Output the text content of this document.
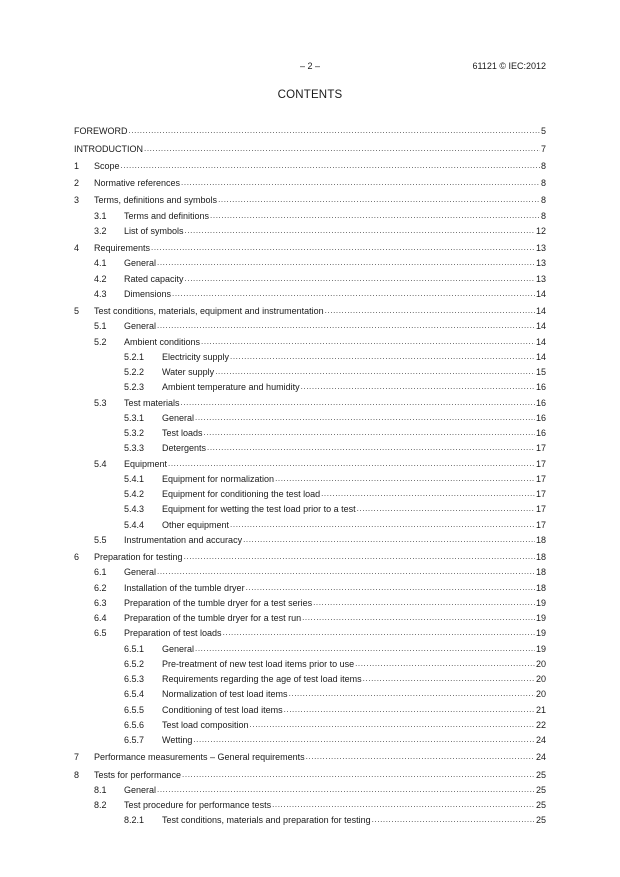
– 2 –	61121 © IEC:2012
CONTENTS
FOREWORD .....	5
INTRODUCTION .....	7
1	Scope .....	8
2	Normative references .....	8
3	Terms, definitions and symbols .....	8
3.1	Terms and definitions .....	8
3.2	List of symbols .....	12
4	Requirements .....	13
4.1	General .....	13
4.2	Rated capacity .....	13
4.3	Dimensions .....	14
5	Test conditions, materials, equipment and instrumentation .....	14
5.1	General .....	14
5.2	Ambient conditions .....	14
5.2.1	Electricity supply .....	14
5.2.2	Water supply .....	15
5.2.3	Ambient temperature and humidity .....	16
5.3	Test materials .....	16
5.3.1	General .....	16
5.3.2	Test loads .....	16
5.3.3	Detergents .....	17
5.4	Equipment .....	17
5.4.1	Equipment for normalization .....	17
5.4.2	Equipment for conditioning the test load .....	17
5.4.3	Equipment for wetting the test load prior to a test .....	17
5.4.4	Other equipment .....	17
5.5	Instrumentation and accuracy .....	18
6	Preparation for testing .....	18
6.1	General .....	18
6.2	Installation of the tumble dryer .....	18
6.3	Preparation of the tumble dryer for a test series .....	19
6.4	Preparation of the tumble dryer for a test run .....	19
6.5	Preparation of test loads .....	19
6.5.1	General .....	19
6.5.2	Pre-treatment of new test load items prior to use .....	20
6.5.3	Requirements regarding the age of test load items .....	20
6.5.4	Normalization of test load items .....	20
6.5.5	Conditioning of test load items .....	21
6.5.6	Test load composition .....	22
6.5.7	Wetting .....	24
7	Performance measurements – General requirements .....	24
8	Tests for performance .....	25
8.1	General .....	25
8.2	Test procedure for performance tests .....	25
8.2.1	Test conditions, materials and preparation for testing .....	25
